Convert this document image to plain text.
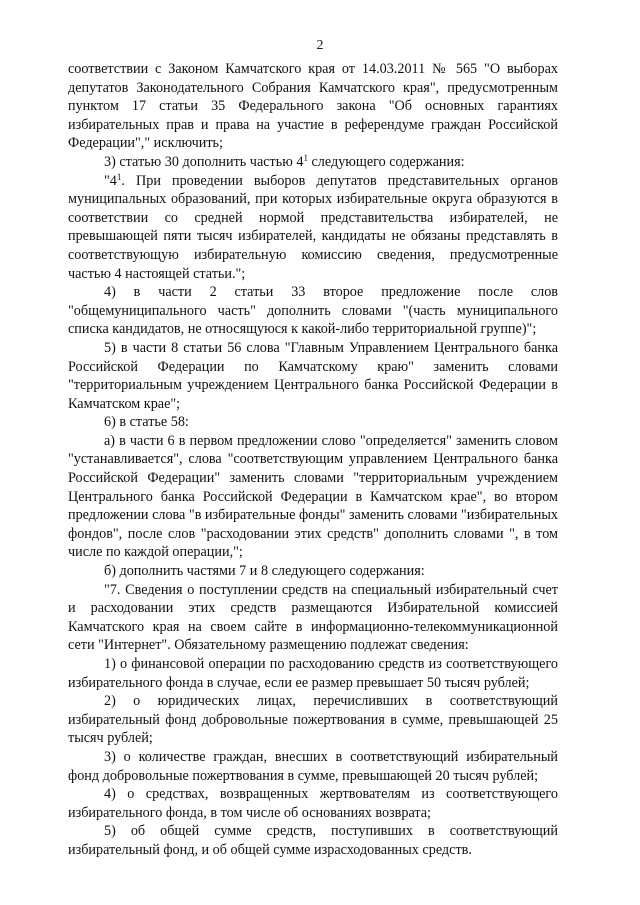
2

соответствии с Законом Камчатского края от 14.03.2011 № 565 "О выборах депутатов Законодательного Собрания Камчатского края", предусмотренным пунктом 17 статьи 35 Федерального закона "Об основных гарантиях избирательных прав и права на участие в референдуме граждан Российской Федерации"," исключить;

3) статью 30 дополнить частью $4^1$ следующего содержания:

"$4^1$. При проведении выборов депутатов представительных органов муниципальных образований, при которых избирательные округа образуются в соответствии со средней нормой представительства избирателей, не превышающей пяти тысяч избирателей, кандидаты не обязаны представлять в соответствующую избирательную комиссию сведения, предусмотренные частью 4 настоящей статьи.";

4) в части 2 статьи 33 второе предложение после слов "общемуниципального часть" дополнить словами "(часть муниципального списка кандидатов, не относящуюся к какой-либо территориальной группе)";

5) в части 8 статьи 56 слова "Главным Управлением Центрального банка Российской Федерации по Камчатскому краю" заменить словами "территориальным учреждением Центрального банка Российской Федерации в Камчатском крае";

6) в статье 58:

а) в части 6 в первом предложении слово "определяется" заменить словом "устанавливается", слова "соответствующим управлением Центрального банка Российской Федерации" заменить словами "территориальным учреждением Центрального банка Российской Федерации в Камчатском крае", во втором предложении слова "в избирательные фонды" заменить словами "избирательных фондов", после слов "расходовании этих средств" дополнить словами ", в том числе по каждой операции,";

б) дополнить частями 7 и 8 следующего содержания:

"7. Сведения о поступлении средств на специальный избирательный счет и расходовании этих средств размещаются Избирательной комиссией Камчатского края на своем сайте в информационно-телекоммуникационной сети "Интернет". Обязательному размещению подлежат сведения:

1) о финансовой операции по расходованию средств из соответствующего избирательного фонда в случае, если ее размер превышает 50 тысяч рублей;

2) о юридических лицах, перечисливших в соответствующий избирательный фонд добровольные пожертвования в сумме, превышающей 25 тысяч рублей;

3) о количестве граждан, внесших в соответствующий избирательный фонд добровольные пожертвования в сумме, превышающей 20 тысяч рублей;

4) о средствах, возвращенных жертвователям из соответствующего избирательного фонда, в том числе об основаниях возврата;

5) об общей сумме средств, поступивших в соответствующий избирательный фонд, и об общей сумме израсходованных средств.
